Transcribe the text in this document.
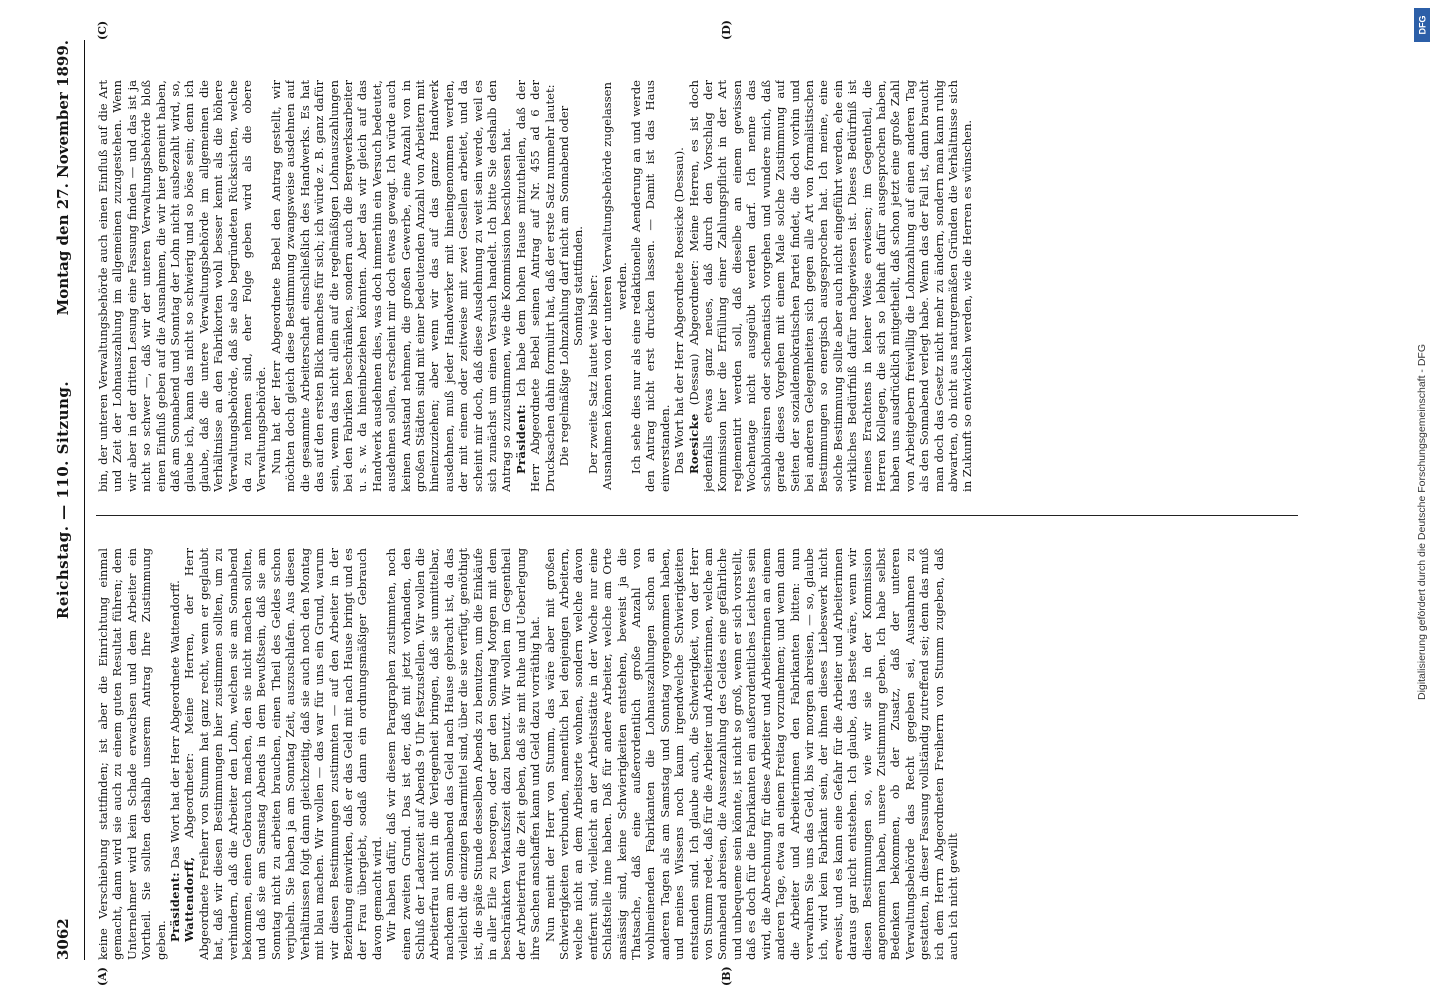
3062
Reichstag. — 110. Sitzung.
Montag den 27. November 1899.
(A)	(B)
(C)	(D)

keine Verschiebung stattfinden; ist aber die Einrichtung einmal gemacht, dann wird sie auch zu einem guten Resultat führen; dem Unternehmer wird kein Schade erwachsen und dem Arbeiter ein Vortheil. Sie sollten deshalb unserem Antrag Ihre Zustimmung geben. Präsident: Das Wort hat der Herr Abgeordnete Wattendorff.

Wattendorff, Abgeordneter: Meine Herren, der Herr Abgeordnete Freiherr von Stumm hat ganz recht, wenn er geglaubt hat, daß wir diesen Bestimmungen hier zustimmen sollten, um zu verhindern, daß die Arbeiter den Lohn, welchen sie am Sonnabend bekommen, einen Gebrauch machen, den sie nicht machen sollten, und daß sie am Samstag Abends in dem Bewußtsein, daß sie am Sonntag nicht zu arbeiten brauchen, einen Theil des Geldes schon verjubeln. Sie haben ja am Sonntag Zeit, auszuschlafen. Aus diesen Verhältnissen folgt dann gleichzeitig, daß sie auch noch den Montag mit blau machen. Wir wollen — das war für uns ein Grund, warum wir diesen Bestimmungen zustimmten — auf den Arbeiter in der Beziehung einwirken, daß er das Geld mit nach Hause bringt und es der Frau übergiebt, sodaß dann ein ordnungsmäßiger Gebrauch davon gemacht wird. Wir haben dafür, daß wir diesem Paragraphen zustimmten, noch einen zweiten Grund. Das ist der, daß mit jetzt vorhanden, den Schluß der Ladenzeit auf Abends 9 Uhr festzustellen. Wir wollen die Arbeiterfrau nicht in die Verlegenheit bringen, daß sie unmittelbar, nachdem am Sonnabend das Geld nach Hause gebracht ist, da das vielleicht die einzigen Baarmittel sind, über die sie verfügt, genöthigt ist, die späte Stunde desselben Abends zu benutzen, um die Einkäufe in aller Eile zu besorgen, oder gar den Sonntag Morgen mit dem beschränkten Verkaufszeit dazu benutzt. Wir wollen im Gegentheil der Arbeiterfrau die Zeit geben, daß sie mit Ruhe und Ueberlegung ihre Sachen anschaffen kann und Geld dazu vorräthig hat. Nun meint der Herr von Stumm, das wäre aber mit großen Schwierigkeiten verbunden, namentlich bei denjenigen Arbeitern, welche nicht an dem Arbeitsorte wohnen, sondern welche davon entfernt sind, vielleicht an der Arbeitsstätte in der Woche nur eine Schlafstelle inne haben. Daß für andere Arbeiter, welche am Orte ansässig sind, keine Schwierigkeiten entstehen, beweist ja die Thatsache, daß eine außerordentlich große Anzahl von wohlmeinenden Fabrikanten die Lohnauszahlungen schon an anderen Tagen als am Samstag und Sonntag vorgenommen haben, und meines Wissens noch kaum irgendwelche Schwierigkeiten entstanden sind. Ich glaube auch, die Schwierigkeit, von der Herr von Stumm redet, daß für die Arbeiter und Arbeiterinnen, welche am Sonnabend abreisen, die Aussenzahlung des Geldes eine gefährliche und unbequeme sein könnte, ist nicht so groß, wenn er sich vorstellt, daß es doch für die Fabrikanten ein außerordentliches Leichtes sein wird, die Abrechnung für diese Arbeiter und Arbeiterinnen an einem anderen Tage, etwa an einem Freitag vorzunehmen; und wenn dann die Arbeiter und Arbeiterinnen den Fabrikanten bitten: nun verwahren Sie uns das Geld, bis wir morgen abreisen, — so, glaube ich, wird kein Fabrikant sein, der ihnen dieses Liebeswerk nicht erweist, und es kann eine Gefahr für die Arbeiter und Arbeiterinnen daraus gar nicht entstehen. Ich glaube, das Beste wäre, wenn wir diesen Bestimmungen so, wie wir sie in der Kommission angenommen haben, unsere Zustimmung geben. Ich habe selbst Bedenken bekommen, ob der Zusatz, daß der unteren Verwaltungsbehörde das Recht gegeben sei, Ausnahmen zu gestatten, in dieser Fassung vollständig zutreffend sei; denn das muß ich dem Herrn Abgeordneten Freiherrn von Stumm zugeben, daß auch ich nicht gewillt

bin, der unteren Verwaltungsbehörde auch einen Einfluß auf die Art und Zeit der Lohnauszahlung im allgemeinen zuzugestehen. Wenn wir aber in der dritten Lesung eine Fassung finden — und das ist ja nicht so schwer —, daß wir der unteren Verwaltungsbehörde bloß einen Einfluß geben auf die Ausnahmen, die wir hier gemeint haben, daß am Sonnabend und Sonntag der Lohn nicht ausbezahlt wird, so, glaube ich, kann das nicht so schwierig und so böse sein; denn ich glaube, daß die untere Verwaltungsbehörde im allgemeinen die Verhältnisse an den Fabrikorten wohl besser kennt als die höhere Verwaltungsbehörde, daß sie also begründeten Rücksichten, welche da zu nehmen sind, eher Folge geben wird als die obere Verwaltungsbehörde. Nun hat der Herr Abgeordnete Bebel den Antrag gestellt, wir möchten doch gleich diese Bestimmung zwangsweise ausdehnen auf die gesammte Arbeiterschaft einschließlich des Handwerks. Es hat das auf den ersten Blick manches für sich; ich würde z. B. ganz dafür sein, wenn das nicht allein auf die regelmäßigen Lohnauszahlungen bei den Fabriken beschränken, sondern auch die Bergwerksarbeiter u. s. w. da hineinbeziehen könnten. Aber das wir gleich auf das Handwerk ausdehnen dies, was doch immerhin ein Versuch bedeutet, ausdehnen sollen, erscheint mir doch etwas gewagt. Ich würde auch keinen Anstand nehmen, die großen Gewerbe, eine Anzahl von in großen Städten sind mit einer bedeutenden Anzahl von Arbeitern mit hineinzuziehen; aber wenn wir das auf das ganze Handwerk ausdehnen, muß jeder Handwerker mit hineingenommen werden, der mit einem oder zeitweise mit zwei Gesellen arbeitet, und da scheint mir doch, daß diese Ausdehnung zu weit sein werde, weil es sich zunächst um einen Versuch handelt. Ich bitte Sie deshalb den Antrag so zuzustimmen, wie die Kommission beschlossen hat. Präsident: Ich habe dem hohen Hause mitzutheilen, daß der Herr Abgeordnete Bebel seinen Antrag auf Nr. 455 ad 6 der Drucksachen dahin formulirt hat, daß der erste Satz nunmehr lautet: Die regelmäßige Lohnzahlung darf nicht am Sonnabend oder Sonntag stattfinden. Der zweite Satz lautet wie bisher: Ausnahmen können von der unteren Verwaltungsbehörde zugelassen werden. Ich sehe dies nur als eine redaktionelle Aenderung an und werde den Antrag nicht erst drucken lassen. — Damit ist das Haus einverstanden. Das Wort hat der Herr Abgeordnete Roesicke (Dessau). Roesicke (Dessau) Abgeordneter: Meine Herren, es ist doch jedenfalls etwas ganz neues, daß durch den Vorschlag der Kommission hier die Erfüllung einer Zahlungspflicht in der Art reglementirt werden soll, daß dieselbe an einem gewissen Wochentage nicht ausgeübt werden darf. Ich nenne das schablonisiren oder schematisch vorgehen und wundere mich, daß gerade dieses Vorgehen mit einem Male solche Zustimmung auf Seiten der sozialdemokratischen Partei findet, die doch vorhin und bei anderen Gelegenheiten sich gegen alle Art von formalistischen Bestimmungen so energisch ausgesprochen hat. Ich meine, eine solche Bestimmung sollte aber auch nicht eingeführt werden, ehe ein wirkliches Bedürfniß dafür nachgewiesen ist. Dieses Bedürfniß ist meines Erachtens in keiner Weise erwiesen; im Gegentheil, die Herren Kollegen, die sich so lebhaft dafür ausgesprochen haben, haben uns ausdrücklich mitgetheilt, daß schon jetzt eine große Zahl von Arbeitgebern freiwillig die Lohnzahlung auf einen anderen Tag als den Sonnabend verlegt habe. Wenn das der Fall ist, dann braucht man doch das Gesetz nicht mehr zu ändern, sondern man kann ruhig abwarten, ob nicht aus naturgemäßen Gründen die Verhältnisse sich in Zukunft so entwickeln werden, wie die Herren es wünschen.

DFG
Digitalisierung gefördert durch die Deutsche Forschungsgemeinschaft - DFG
